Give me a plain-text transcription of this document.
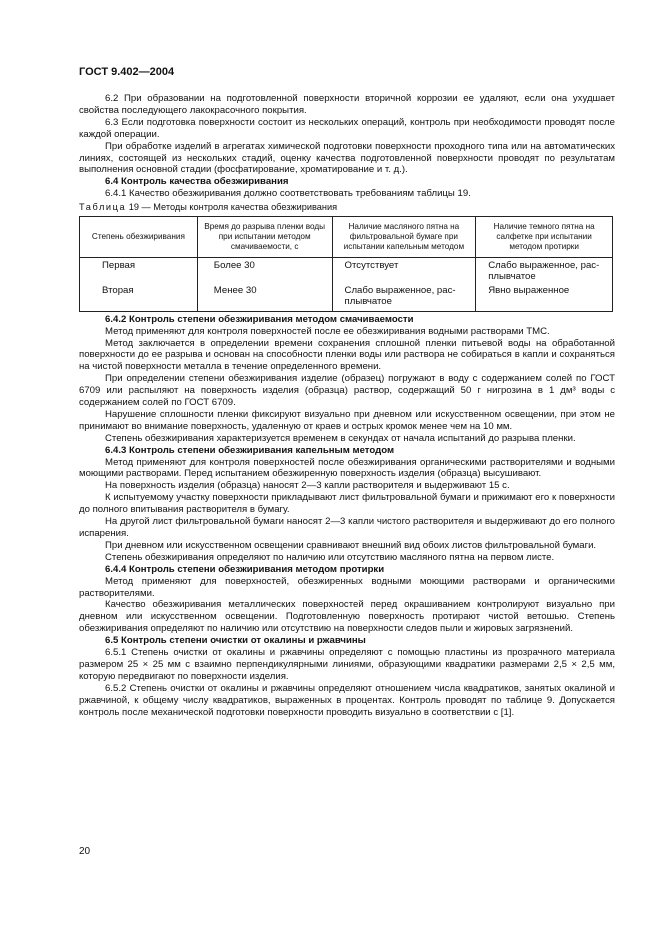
ГОСТ 9.402—2004

6.2 При образовании на подготовленной поверхности вторичной коррозии ее удаляют, если она ухудшает свойства последующего лакокрасочного покрытия.

6.3 Если подготовка поверхности состоит из нескольких операций, контроль при необходимости проводят после каждой операции.

При обработке изделий в агрегатах химической подготовки поверхности проходного типа или на автоматических линиях, состоящей из нескольких стадий, оценку качества подготовленной поверхности проводят по результатам выполнения основной стадии (фосфатирование, хроматирование и т. д.).

6.4 Контроль качества обезжиривания

6.4.1 Качество обезжиривания должно соответствовать требованиям таблицы 19.

Таблица 19 — Методы контроля качества обезжиривания
Степень обезжиривания	Время до разрыва пленки воды при испытании методом смачиваемости, с	Наличие масляного пятна на фильтровальной бумаге при испытании капельным методом	Наличие темного пятна на салфетке при испытании методом протирки
Первая	Более 30	Отсутствует	Слабо выраженное, рас-плывчатое
Вторая	Менее 30	Слабо выраженное, рас-плывчатое	Явно выраженное
6.4.2 Контроль степени обезжиривания методом смачиваемости

Метод применяют для контроля поверхностей после ее обезжиривания водными растворами ТМС.

Метод заключается в определении времени сохранения сплошной пленки питьевой воды на обработанной поверхности до ее разрыва и основан на способности пленки воды или раствора не собираться в капли и сохраняться на чистой поверхности металла в течение определенного времени.

При определении степени обезжиривания изделие (образец) погружают в воду с содержанием солей по ГОСТ 6709 или распыляют на поверхность изделия (образца) раствор, содержащий 50 г нигрозина в 1 дм³ воды с содержанием солей по ГОСТ 6709.

Нарушение сплошности пленки фиксируют визуально при дневном или искусственном освещении, при этом не принимают во внимание поверхность, удаленную от краев и острых кромок менее чем на 10 мм.

Степень обезжиривания характеризуется временем в секундах от начала испытаний до разрыва пленки.

6.4.3 Контроль степени обезжиривания капельным методом

Метод применяют для контроля поверхностей после обезжиривания органическими растворителями и водными моющими растворами. Перед испытанием обезжиренную поверхность изделия (образца) высушивают.

На поверхность изделия (образца) наносят 2—3 капли растворителя и выдерживают 15 с.

К испытуемому участку поверхности прикладывают лист фильтровальной бумаги и прижимают его к поверхности до полного впитывания растворителя в бумагу.

На другой лист фильтровальной бумаги наносят 2—3 капли чистого растворителя и выдерживают до его полного испарения.

При дневном или искусственном освещении сравнивают внешний вид обоих листов фильтровальной бумаги.

Степень обезжиривания определяют по наличию или отсутствию масляного пятна на первом листе.

6.4.4 Контроль степени обезжиривания методом протирки

Метод применяют для поверхностей, обезжиренных водными моющими растворами и органическими растворителями.

Качество обезжиривания металлических поверхностей перед окрашиванием контролируют визуально при дневном или искусственном освещении. Подготовленную поверхность протирают чистой ветошью. Степень обезжиривания определяют по наличию или отсутствию на поверхности следов пыли и жировых загрязнений.

6.5 Контроль степени очистки от окалины и ржавчины

6.5.1 Степень очистки от окалины и ржавчины определяют с помощью пластины из прозрачного материала размером 25 × 25 мм с взаимно перпендикулярными линиями, образующими квадратики размерами 2,5 × 2,5 мм, которую передвигают по поверхности изделия.

6.5.2 Степень очистки от окалины и ржавчины определяют отношением числа квадратиков, занятых окалиной и ржавчиной, к общему числу квадратиков, выраженных в процентах. Контроль проводят по таблице 9. Допускается контроль после механической подготовки поверхности проводить визуально в соответствии с [1].

20
